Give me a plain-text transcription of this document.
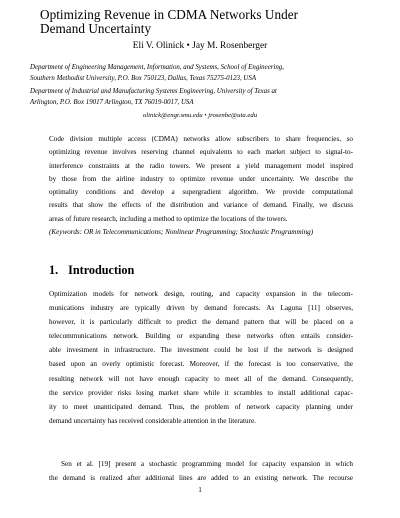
Optimizing Revenue in CDMA Networks Under
Demand Uncertainty
Eli V. Olinick • Jay M. Rosenberger
Department of Engineering Management, Information, and Systems, School of Engineering,
Southern Methodist University, P.O. Box 750123, Dallas, Texas 75275-0123, USA
Department of Industrial and Manufacturing Systems Engineering, University of Texas at
Arlington, P.O. Box 19017 Arlington, TX 76019-0017, USA
olinick@engr.smu.edu • jrosenbe@uta.edu
Code division multiple access (CDMA) networks allow subscribers to share frequencies, so
optimizing revenue involves reserving channel equivalents to each market subject to signal-to-
interference constraints at the radio towers. We present a yield management model inspired
by those from the airline industry to optimize revenue under uncertainty. We describe the
optimality conditions and develop a supergradient algorithm. We provide computational
results that show the effects of the distribution and variance of demand. Finally, we discuss
areas of future research, including a method to optimize the locations of the towers.
(Keywords: OR in Telecommunications; Nonlinear Programming; Stochastic Programming)
1. Introduction
Optimization models for network design, routing, and capacity expansion in the telecom-
munications industry are typically driven by demand forecasts. As Laguna [11] observes,
however, it is particularly difficult to predict the demand pattern that will be placed on a
telecommunications network. Building or expanding these networks often entails consider-
able investment in infrastructure. The investment could be lost if the network is designed
based upon an overly optimistic forecast. Moreover, if the forecast is too conservative, the
resulting network will not have enough capacity to meet all of the demand. Consequently,
the service provider risks losing market share while it scrambles to install additional capac-
ity to meet unanticipated demand. Thus, the problem of network capacity planning under
demand uncertainty has received considerable attention in the literature.
Sen et al. [19] present a stochastic programming model for capacity expansion in which
the demand is realized after additional lines are added to an existing network. The recourse
1
